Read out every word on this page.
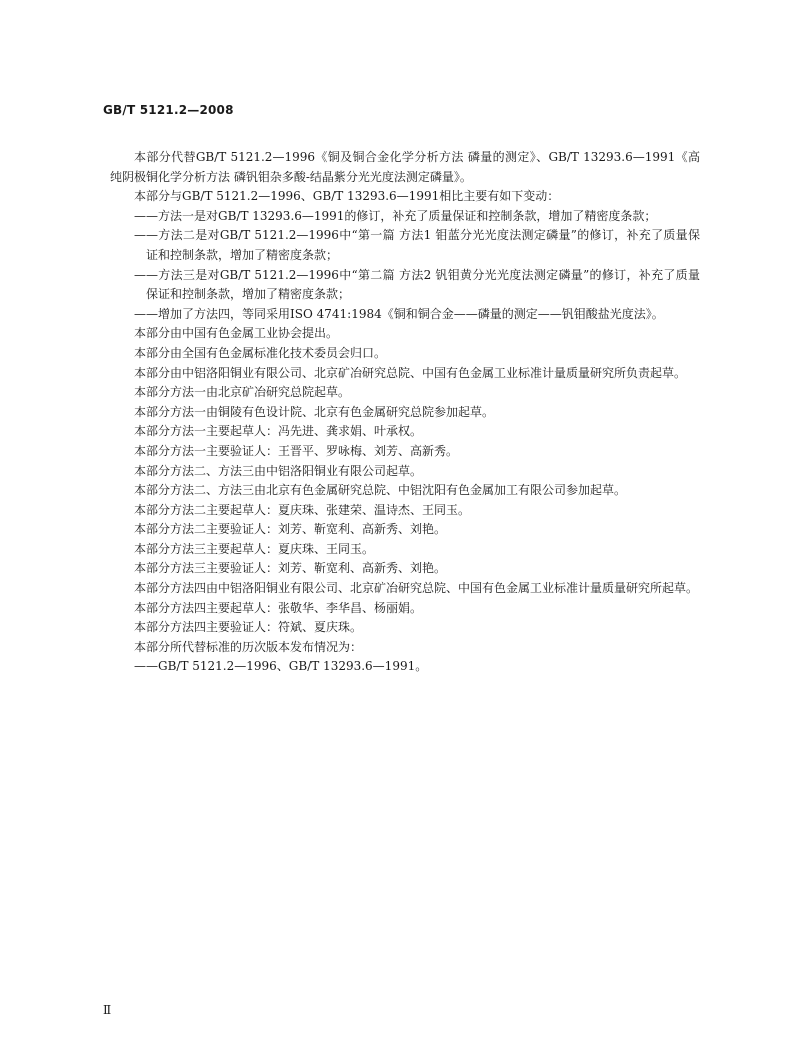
GB/T 5121.2—2008

本部分代替GB/T 5121.2—1996《铜及铜合金化学分析方法 磷量的测定》、GB/T 13293.6—1991《高纯阴极铜化学分析方法 磷钒钼杂多酸-结晶紫分光光度法测定磷量》。

本部分与GB/T 5121.2—1996、GB/T 13293.6—1991相比主要有如下变动：

——方法一是对GB/T 13293.6—1991的修订，补充了质量保证和控制条款，增加了精密度条款；

——方法二是对GB/T 5121.2—1996中“第一篇 方法1 钼蓝分光光度法测定磷量”的修订，补充了质量保证和控制条款，增加了精密度条款；

——方法三是对GB/T 5121.2—1996中“第二篇 方法2 钒钼黄分光光度法测定磷量”的修订，补充了质量保证和控制条款，增加了精密度条款；

——增加了方法四，等同采用ISO 4741:1984《铜和铜合金——磷量的测定——钒钼酸盐光度法》。

本部分由中国有色金属工业协会提出。

本部分由全国有色金属标准化技术委员会归口。

本部分由中铝洛阳铜业有限公司、北京矿冶研究总院、中国有色金属工业标准计量质量研究所负责起草。

本部分方法一由北京矿冶研究总院起草。

本部分方法一由铜陵有色设计院、北京有色金属研究总院参加起草。

本部分方法一主要起草人：冯先进、龚求娟、叶承权。

本部分方法一主要验证人：王晋平、罗咏梅、刘芳、高新秀。

本部分方法二、方法三由中铝洛阳铜业有限公司起草。

本部分方法二、方法三由北京有色金属研究总院、中铝沈阳有色金属加工有限公司参加起草。

本部分方法二主要起草人：夏庆珠、张建荣、温诗杰、王同玉。

本部分方法二主要验证人：刘芳、靳宽利、高新秀、刘艳。

本部分方法三主要起草人：夏庆珠、王同玉。

本部分方法三主要验证人：刘芳、靳宽利、高新秀、刘艳。

本部分方法四由中铝洛阳铜业有限公司、北京矿冶研究总院、中国有色金属工业标准计量质量研究所起草。

本部分方法四主要起草人：张敬华、李华昌、杨丽娟。

本部分方法四主要验证人：符斌、夏庆珠。

本部分所代替标准的历次版本发布情况为：

——GB/T 5121.2—1996、GB/T 13293.6—1991。

Ⅱ
